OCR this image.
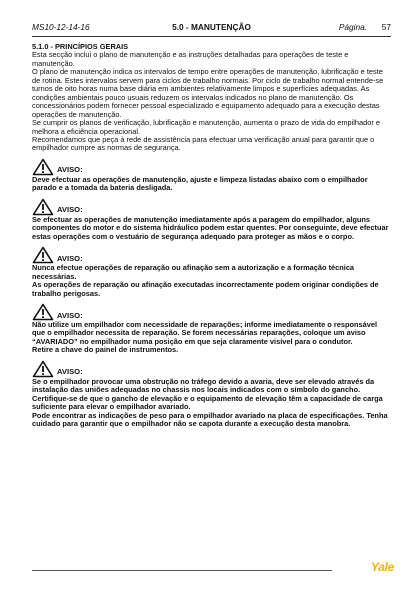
MS10-12-14-16	5.0 - MANUTENÇÃO	Página. 57
5.1.0 - PRINCÍPIOS GERAIS

Esta secção inclui o plano de manutenção e as instruções detalhadas para operações de teste e manutenção.

O plano de manutenção indica os intervalos de tempo entre operações de manutenção, lubrificação e teste de rotina. Estes intervalos servem para ciclos de trabalho normais. Por ciclo de trabalho normal entende-se turnos de oito horas numa base diária em ambientes relativamente limpos e superfícies adequadas. As condições ambientais pouco usuais reduzem os intervalos indicados no plano de manutenção. Os concessionários podem fornecer pessoal especializado e equipamento adequado para a execução destas operações de manutenção.

Se cumprir os planos de verificação, lubrificação e manutenção, aumenta o prazo de vida do empilhador e melhora a eficiência operacional.

Recomendamos que peça à rede de assistência para efectuar uma verificação anual para garantir que o empilhador cumpre as normas de segurança.

AVISO:
Deve efectuar as operações de manutenção, ajuste e limpeza listadas abaixo com o empilhador parado e a tomada da bateria desligada.
AVISO:
Se efectuar as operações de manutenção imediatamente após a paragem do empilhador, alguns componentes do motor e do sistema hidráulico podem estar quentes. Por conseguinte, deve efectuar estas operações com o vestuário de segurança adequado para proteger as mãos e o corpo.
AVISO:
Nunca efectue operações de reparação ou afinação sem a autorização e a formação técnica necessárias.
As operações de reparação ou afinação executadas incorrectamente podem originar condições de trabalho perigosas.
AVISO:
Não utilize um empilhador com necessidade de reparações; informe imediatamente o responsável que o empilhador necessita de reparação. Se forem necessárias reparações, coloque um aviso “AVARIADO” no empilhador numa posição em que seja claramente visível para o condutor.
Retire a chave do painel de instrumentos.
AVISO:
Se o empilhador provocar uma obstrução no tráfego devido a avaria, deve ser elevado através da instalação das uniões adequadas no chassis nos locais indicados com o símbolo do gancho.
Certifique-se de que o gancho de elevação e o equipamento de elevação têm a capacidade de carga suficiente para elevar o empilhador avariado.
Pode encontrar as indicações de peso para o empilhador avariado na placa de especificações. Tenha cuidado para garantir que o empilhador não se capota durante a execução desta manobra.
Yale
